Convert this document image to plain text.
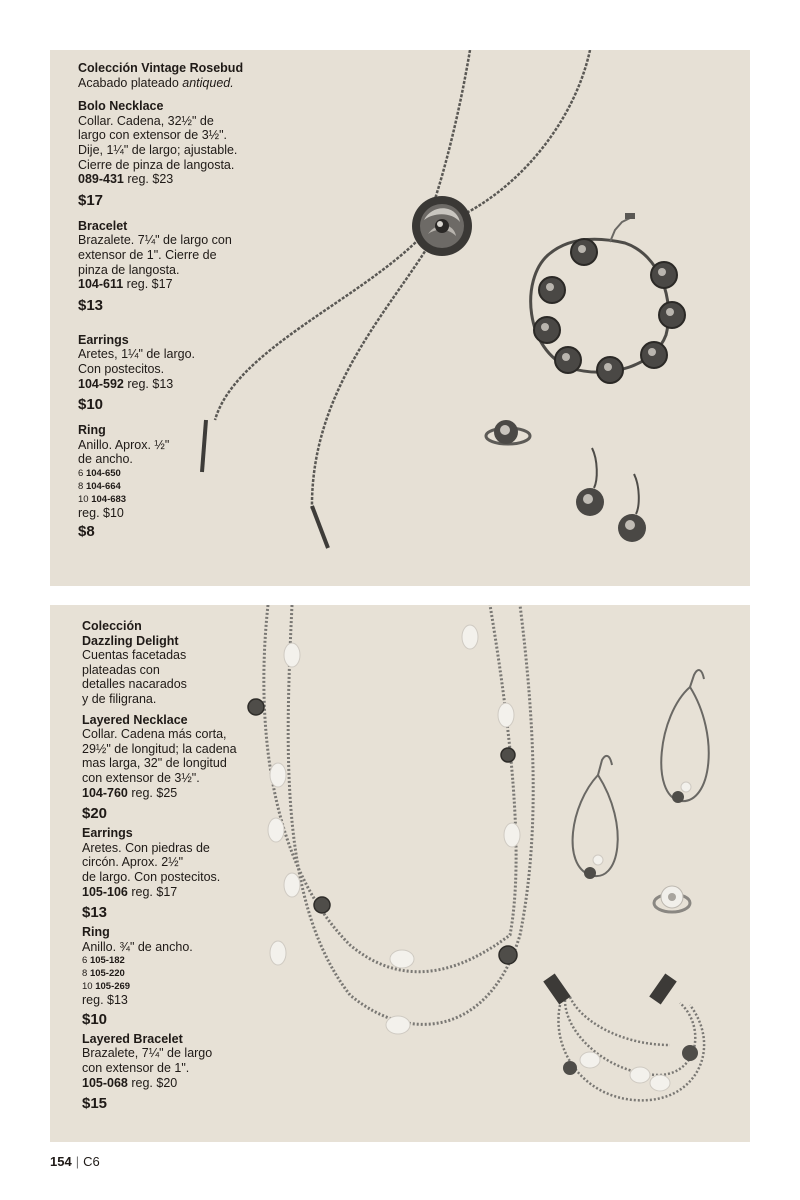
Colección Vintage Rosebud
Acabado plateado antiqued.
Bolo Necklace
Collar. Cadena, 32½" de
largo con extensor de 3½".
Dije, 1¼" de largo; ajustable.
Cierre de pinza de langosta.
089-431 reg. $23
$17
Bracelet
Brazalete. 7¼" de largo con
extensor de 1". Cierre de
pinza de langosta.
104-611 reg. $17
$13
Earrings
Aretes, 1¼" de largo.
Con postecitos.
104-592 reg. $13
$10
Ring
Anillo. Aprox. ½"
de ancho.
6 104-650
8 104-664
10 104-683
reg. $10
$8
Colección
Dazzling Delight
Cuentas facetadas
plateadas con
detalles nacarados
y de filigrana.
Layered Necklace
Collar. Cadena más corta,
29½" de longitud; la cadena
mas larga, 32" de longitud
con extensor de 3½".
104-760 reg. $25
$20
Earrings
Aretes. Con piedras de
circón. Aprox. 2½"
de largo. Con postecitos.
105-106 reg. $17
$13
Ring
Anillo. ¾" de ancho.
6 105-182
8 105-220
10 105-269
reg. $13
$10
Layered Bracelet
Brazalete, 7¼" de largo
con extensor de 1".
105-068 reg. $20
$15
154 | C6
